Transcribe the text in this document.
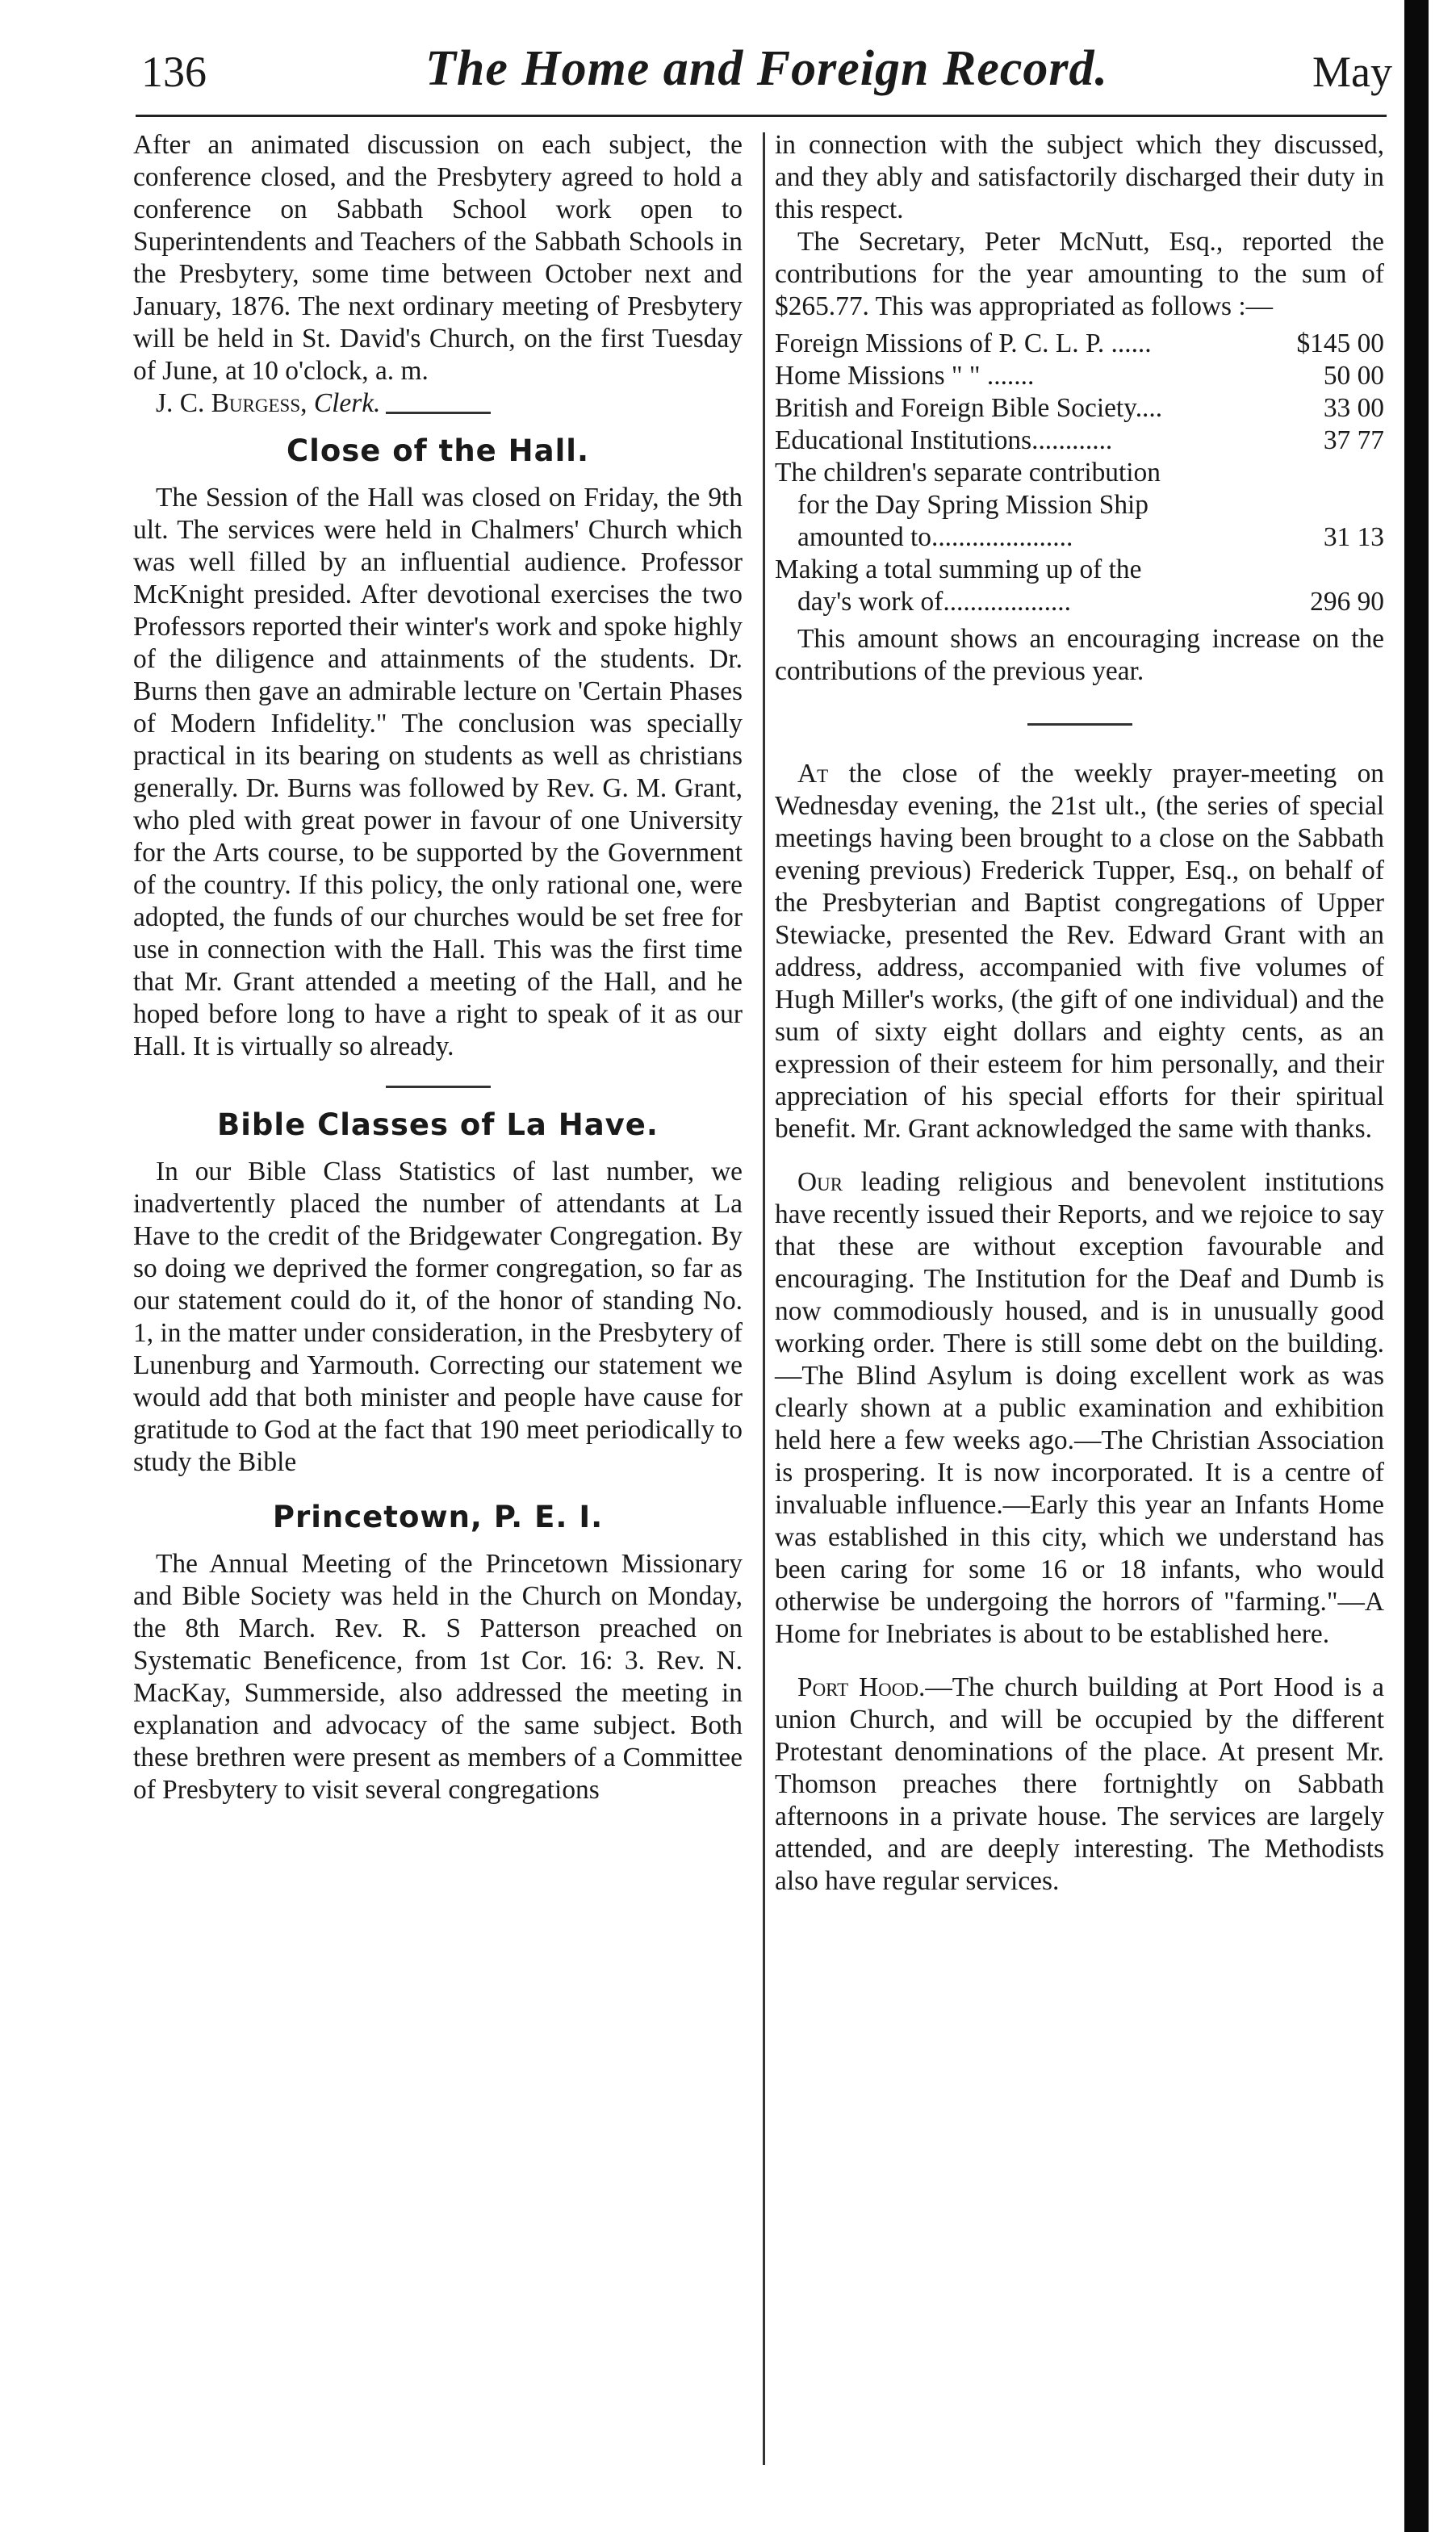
136	The Home and Foreign Record.	May

After an animated discussion on each subject, the conference closed, and the Presbytery agreed to hold a conference on Sabbath School work open to Superintendents and Teachers of the Sabbath Schools in the Presbytery, some time between October next and January, 1876. The next ordinary meeting of Presbytery will be held in St. David's Church, on the first Tuesday of June, at 10 o'clock, a. m.

J. C. Burgess, Clerk.

Close of the Hall.

The Session of the Hall was closed on Friday, the 9th ult. The services were held in Chalmers' Church which was well filled by an influential audience. Professor McKnight presided. After devotional exercises the two Professors reported their winter's work and spoke highly of the diligence and attainments of the students. Dr. Burns then gave an admirable lecture on 'Certain Phases of Modern Infidelity." The conclusion was specially practical in its bearing on students as well as christians generally. Dr. Burns was followed by Rev. G. M. Grant, who pled with great power in favour of one University for the Arts course, to be supported by the Government of the country. If this policy, the only rational one, were adopted, the funds of our churches would be set free for use in connection with the Hall. This was the first time that Mr. Grant attended a meeting of the Hall, and he hoped before long to have a right to speak of it as our Hall. It is virtually so already.

Bible Classes of La Have.

In our Bible Class Statistics of last number, we inadvertently placed the number of attendants at La Have to the credit of the Bridgewater Congregation. By so doing we deprived the former congregation, so far as our statement could do it, of the honor of standing No. 1, in the matter under consideration, in the Presbytery of Lunenburg and Yarmouth. Correcting our statement we would add that both minister and people have cause for gratitude to God at the fact that 190 meet periodically to study the Bible

Princetown, P. E. I.

The Annual Meeting of the Princetown Missionary and Bible Society was held in the Church on Monday, the 8th March. Rev. R. S Patterson preached on Systematic Beneficence, from 1st Cor. 16: 3. Rev. N. MacKay, Summerside, also addressed the meeting in explanation and advocacy of the same subject. Both these brethren were present as members of a Committee of Presbytery to visit several congregations

in connection with the subject which they discussed, and they ably and satisfactorily discharged their duty in this respect.

The Secretary, Peter McNutt, Esq., reported the contributions for the year amounting to the sum of $265.77. This was appropriated as follows :—

Foreign Missions of P. C. L. P. ......	$145 00
Home Missions " " .......	50 00
British and Foreign Bible Society....	33 00
Educational Institutions............	37 77
The children's separate contribution
for the Day Spring Mission Ship
amounted to.....................	31 13
Making a total summing up of the
day's work of...................	296 90

This amount shows an encouraging increase on the contributions of the previous year.

At the close of the weekly prayer-meeting on Wednesday evening, the 21st ult., (the series of special meetings having been brought to a close on the Sabbath evening previous) Frederick Tupper, Esq., on behalf of the Presbyterian and Baptist congregations of Upper Stewiacke, presented the Rev. Edward Grant with an address, address, accompanied with five volumes of Hugh Miller's works, (the gift of one individual) and the sum of sixty eight dollars and eighty cents, as an expression of their esteem for him personally, and their appreciation of his special efforts for their spiritual benefit. Mr. Grant acknowledged the same with thanks.

Our leading religious and benevolent institutions have recently issued their Reports, and we rejoice to say that these are without exception favourable and encouraging. The Institution for the Deaf and Dumb is now commodiously housed, and is in unusually good working order. There is still some debt on the building.—The Blind Asylum is doing excellent work as was clearly shown at a public examination and exhibition held here a few weeks ago.—The Christian Association is prospering. It is now incorporated. It is a centre of invaluable influence.—Early this year an Infants Home was established in this city, which we understand has been caring for some 16 or 18 infants, who would otherwise be undergoing the horrors of "farming."—A Home for Inebriates is about to be established here.

Port Hood.—The church building at Port Hood is a union Church, and will be occupied by the different Protestant denominations of the place. At present Mr. Thomson preaches there fortnightly on Sabbath afternoons in a private house. The services are largely attended, and are deeply interesting. The Methodists also have regular services.
